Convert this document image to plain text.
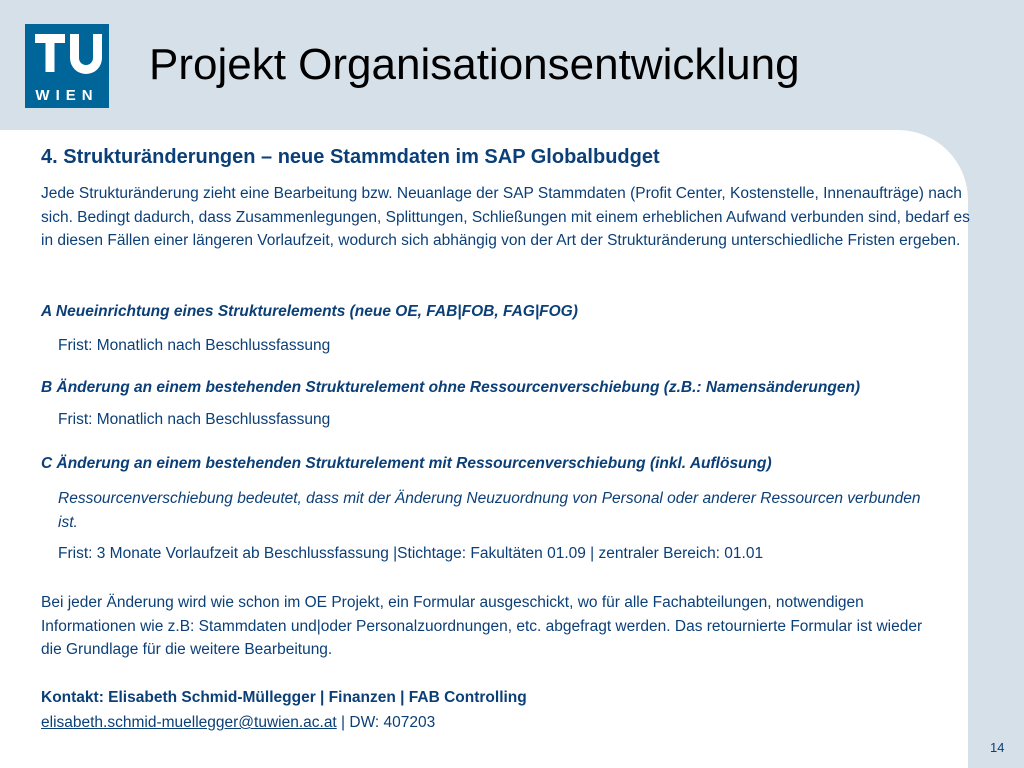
WIEN
Projekt Organisationsentwicklung
4. Strukturänderungen – neue Stammdaten im SAP Globalbudget
Jede Strukturänderung zieht eine Bearbeitung bzw. Neuanlage der SAP Stammdaten (Profit Center, Kostenstelle, Innenaufträge) nach sich. Bedingt dadurch, dass Zusammenlegungen, Splittungen, Schließungen mit einem erheblichen Aufwand verbunden sind, bedarf es in diesen Fällen einer längeren Vorlaufzeit, wodurch sich abhängig von der Art der Strukturänderung unterschiedliche Fristen ergeben.
A Neueinrichtung eines Strukturelements (neue OE, FAB|FOB, FAG|FOG)
Frist: Monatlich nach Beschlussfassung
B Änderung an einem bestehenden Strukturelement ohne Ressourcenverschiebung (z.B.: Namensänderungen)
Frist: Monatlich nach Beschlussfassung
C Änderung an einem bestehenden Strukturelement mit Ressourcenverschiebung (inkl. Auflösung)
Ressourcenverschiebung bedeutet, dass mit der Änderung Neuzuordnung von Personal oder anderer Ressourcen verbunden ist.
Frist: 3 Monate Vorlaufzeit ab Beschlussfassung |Stichtage: Fakultäten 01.09 | zentraler Bereich: 01.01
Bei jeder Änderung wird wie schon im OE Projekt, ein Formular ausgeschickt, wo für alle Fachabteilungen, notwendigen Informationen wie z.B: Stammdaten und|oder Personalzuordnungen, etc. abgefragt werden. Das retournierte Formular ist wieder die Grundlage für die weitere Bearbeitung.
Kontakt: Elisabeth Schmid-Müllegger | Finanzen | FAB Controlling
elisabeth.schmid-muellegger@tuwien.ac.at | DW: 407203
14
